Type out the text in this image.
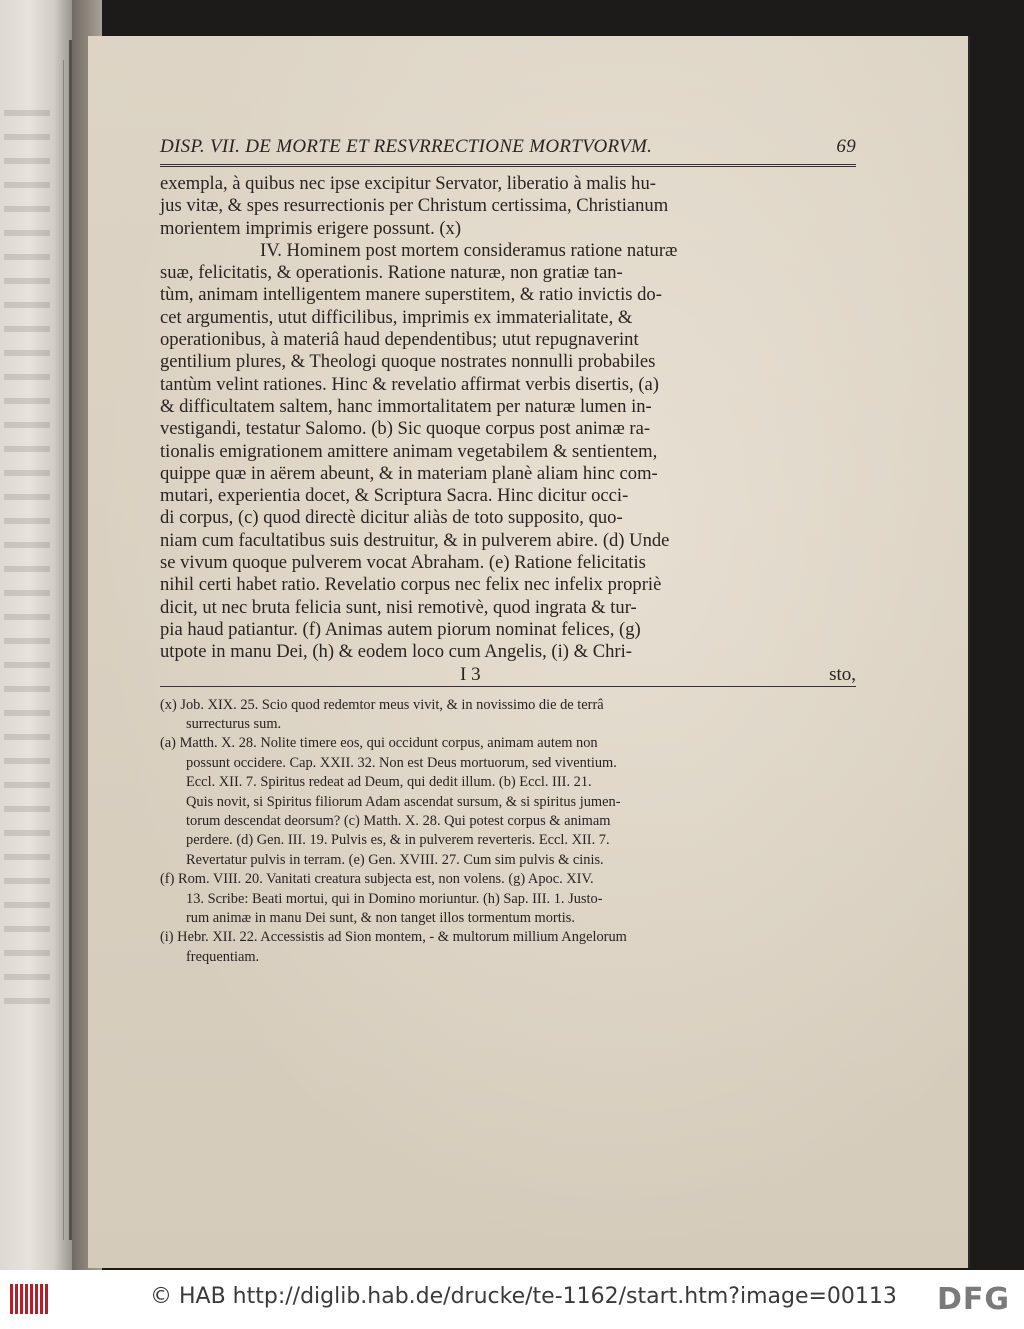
DISP. VII. DE MORTE ET RESVRRECTIONE MORTVORVM.	69
exempla, à quibus nec ipse excipitur Servator, liberatio à malis hu-
jus vitæ, & spes resurrectionis per Christum certissima, Christianum
morientem imprimis erigere possunt. (x)
IV. Hominem post mortem consideramus ratione naturæ
suæ, felicitatis, & operationis. Ratione naturæ, non gratiæ tan-
tùm, animam intelligentem manere superstitem, & ratio invictis do-
cet argumentis, utut difficilibus, imprimis ex immaterialitate, &
operationibus, à materiâ haud dependentibus; utut repugnaverint
gentilium plures, & Theologi quoque nostrates nonnulli probabiles
tantùm velint rationes. Hinc & revelatio affirmat verbis disertis, (a)
& difficultatem saltem, hanc immortalitatem per naturæ lumen in-
vestigandi, testatur Salomo. (b) Sic quoque corpus post animæ ra-
tionalis emigrationem amittere animam vegetabilem & sentientem,
quippe quæ in aërem abeunt, & in materiam planè aliam hinc com-
mutari, experientia docet, & Scriptura Sacra. Hinc dicitur occi-
di corpus, (c) quod directè dicitur aliàs de toto supposito, quo-
niam cum facultatibus suis destruitur, & in pulverem abire. (d) Unde
se vivum quoque pulverem vocat Abraham. (e) Ratione felicitatis
nihil certi habet ratio. Revelatio corpus nec felix nec infelix propriè
dicit, ut nec bruta felicia sunt, nisi remotivè, quod ingrata & tur-
pia haud patiantur. (f) Animas autem piorum nominat felices, (g)
utpote in manu Dei, (h) & eodem loco cum Angelis, (i) & Chri-
I 3	sto,
(x) Job. XIX. 25. Scio quod redemtor meus vivit, & in novissimo die de terrâ
surrecturus sum.
(a) Matth. X. 28. Nolite timere eos, qui occidunt corpus, animam autem non
possunt occidere. Cap. XXII. 32. Non est Deus mortuorum, sed viventium.
Eccl. XII. 7. Spiritus redeat ad Deum, qui dedit illum. (b) Eccl. III. 21.
Quis novit, si Spiritus filiorum Adam ascendat sursum, & si spiritus jumen-
torum descendat deorsum? (c) Matth. X. 28. Qui potest corpus & animam
perdere. (d) Gen. III. 19. Pulvis es, & in pulverem reverteris. Eccl. XII. 7.
Revertatur pulvis in terram. (e) Gen. XVIII. 27. Cum sim pulvis & cinis.
(f) Rom. VIII. 20. Vanitati creatura subjecta est, non volens. (g) Apoc. XIV.
13. Scribe: Beati mortui, qui in Domino moriuntur. (h) Sap. III. 1. Justo-
rum animæ in manu Dei sunt, & non tanget illos tormentum mortis.
(i) Hebr. XII. 22. Accessistis ad Sion montem, - & multorum millium Angelorum
frequentiam.
© HAB http://diglib.hab.de/drucke/te-1162/start.htm?image=00113 DFG
